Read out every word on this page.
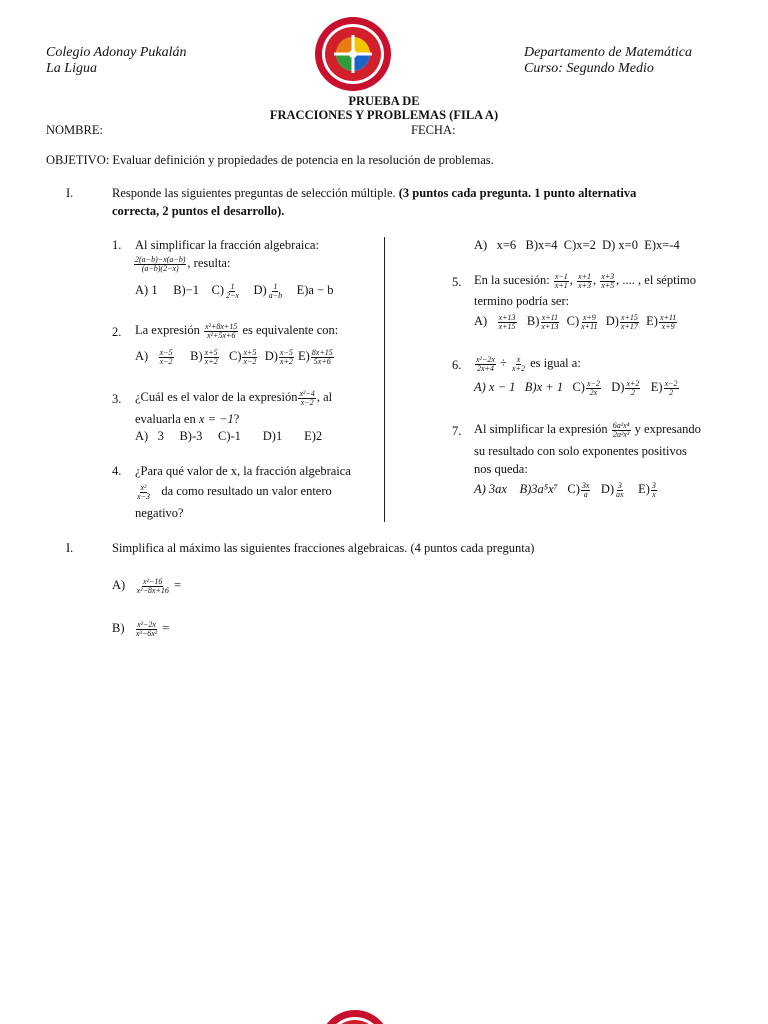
Colegio Adonay Pukalán
La Ligua
Departamento de Matemática
Curso: Segundo Medio
PRUEBA DE
FRACCIONES Y PROBLEMAS (FILA A)
NOMBRE:	FECHA:
OBJETIVO: Evaluar definición y propiedades de potencia en la resolución de problemas.
I.	Responde las siguientes preguntas de selección múltiple. (3 puntos cada pregunta. 1 punto alternativa
correcta, 2 puntos el desarrollo).
1. Al simplificar la fracción algebraica:
$\frac{2(a-b)-x(a-b)}{(a-b)(2-x)}$ , resulta:
A) 1 B)−1 $C) \frac{1}{2-x} D) \frac{1}{a-b} E)a - b$
2. La expresión $\frac{\text{x²+8x+15}}{\text{x²+5x+6}}$ es equivalente con:
$A) \frac{x-5}{x-2} B) \frac{x+5}{x+2} C) \frac{x+5}{x-2} D) \frac{x-5}{x+2} E) \frac{8x+15}{5x+6}$
3. ¿Cuál es el valor de la expresión $\frac{\text{x²−4}}{x-2}$ , al
evaluarla en x = −1?
A)   3     B)-3     C)-1       D)1       E)2
4. ¿Para qué valor de x, la fracción algebraica
$\frac{\text{x²}}{x-3}$ da como resultado un valor entero
negativo?
A)   x=6   B)x=4  C)x=2  D) x=0  E)x=-4
5. En la sucesión: $\frac{x-1}{x+1}$ , $\frac{x+1}{x+3}$ , $\frac{x+3}{x+5}$ , .... , el séptimo
termino podría ser:
$A) \frac{x+13}{x+15} B) \frac{x+11}{x+13} C) \frac{x+9}{x+11} D) \frac{x+15}{x+17} E) \frac{x+11}{x+9}$
6. $\frac{\text{x²−2x}}{2x+4} \div \frac{x}{x+2}$ es igual a:
A) x − 1 B)x + 1 $C) \frac{x-2}{2x} D) \frac{x+2}{2} E) \frac{x-2}{2}$
7. Al simplificar la expresión $\frac{\text{6a²x⁴}}{\text{2a²x³}}$ y expresando
su resultado con solo exponentes positivos
nos queda:
A) 3ax B)3a⁵x⁷ $C) \frac{3x}{a} D) \frac{3}{ax} E) \frac{3}{x}$
I.	Simplifica al máximo las siguientes fracciones algebraicas. (4 puntos cada pregunta)
$A) \frac{\text{x²−16}}{\text{x²−8x+16}}$ =
$B) \frac{\text{x²−2x}}{\text{x³−6x²}}$ =
